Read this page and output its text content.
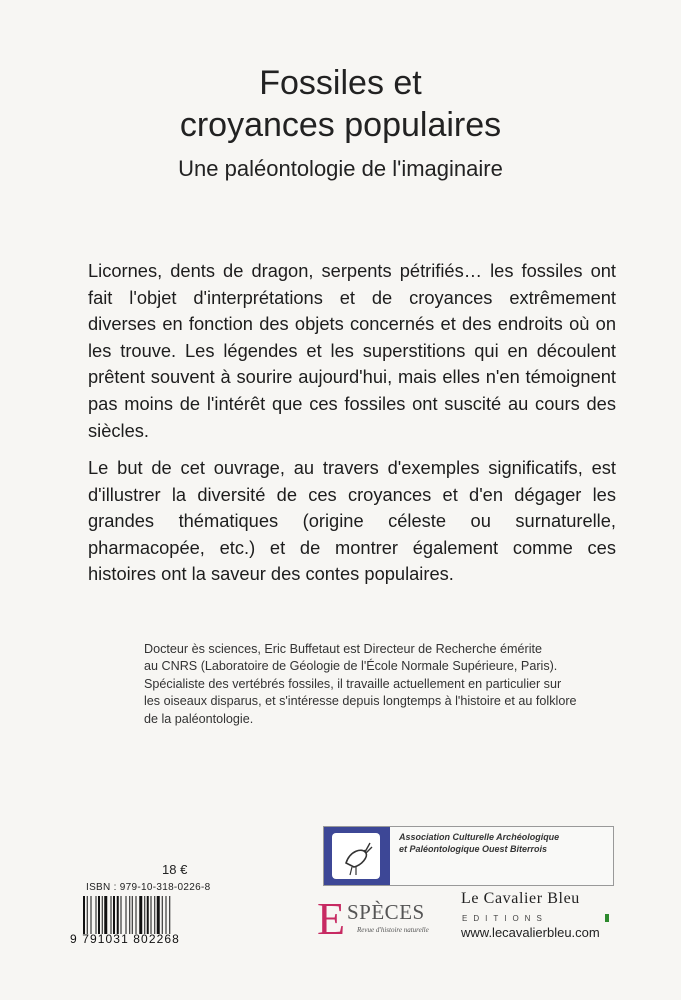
Fossiles et
croyances populaires
Une paléontologie de l'imaginaire

Licornes, dents de dragon, serpents pétrifiés… les fossiles ont fait l'objet d'interprétations et de croyances extrêmement diverses en fonction des objets concernés et des endroits où on les trouve. Les légendes et les superstitions qui en découlent prêtent souvent à sourire aujourd'hui, mais elles n'en témoignent pas moins de l'intérêt que ces fossiles ont suscité au cours des siècles.

Le but de cet ouvrage, au travers d'exemples significatifs, est d'illustrer la diversité de ces croyances et d'en dégager les grandes thématiques (origine céleste ou surnaturelle, pharmacopée, etc.) et de montrer également comme ces histoires ont la saveur des contes populaires.

Docteur ès sciences, Eric Buffetaut est Directeur de Recherche émérite
au CNRS (Laboratoire de Géologie de l'École Normale Supérieure, Paris).
Spécialiste des vertébrés fossiles, il travaille actuellement en particulier sur
les oiseaux disparus, et s'intéresse depuis longtemps à l'histoire et au folklore
de la paléontologie.
Association Culturelle Archéologique
et Paléontologique Ouest Biterrois
18 €
ISBN : 979-10-318-0226-8
9 791031 802268	E SPÈCES
Revue d'histoire naturelle
Le Cavalier Bleu
EDITIONS
www.lecavalierbleu.com
